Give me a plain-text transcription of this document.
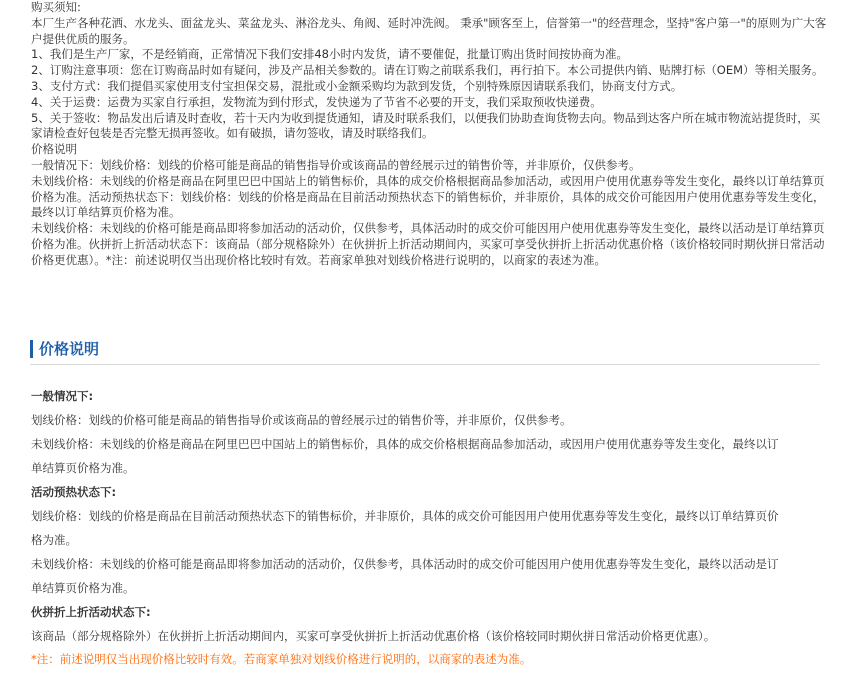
购买须知:

本厂生产各种花洒、水龙头、面盆龙头、菜盆龙头、淋浴龙头、角阀、延时冲洗阀。 秉承"顾客至上，信誉第一"的经营理念，坚持"客户第一"的原则为广大客户提供优质的服务。

1、我们是生产厂家，不是经销商，正常情况下我们安排48小时内发货，请不要催促，批量订购出货时间按协商为准。

2、订购注意事项：您在订购商品时如有疑问，涉及产品相关参数的。请在订购之前联系我们，再行拍下。本公司提供内销、贴牌打标（OEM）等相关服务。

3、支付方式：我们提倡买家使用支付宝担保交易，混批或小金额采购均为款到发货，个别特殊原因请联系我们，协商支付方式。

4、关于运费：运费为买家自行承担，发物流为到付形式，发快递为了节省不必要的开支，我们采取预收快递费。

5、关于签收：物品发出后请及时查收，若十天内为收到提货通知，请及时联系我们，以便我们协助查询货物去向。物品到达客户所在城市物流站提货时，买家请检查好包装是否完整无损再签收。如有破损，请勿签收，请及时联络我们。

价格说明

一般情况下：划线价格：划线的价格可能是商品的销售指导价或该商品的曾经展示过的销售价等，并非原价，仅供参考。

未划线价格：未划线的价格是商品在阿里巴巴中国站上的销售标价，具体的成交价格根据商品参加活动，或因用户使用优惠券等发生变化，最终以订单结算页价格为准。活动预热状态下：划线价格：划线的价格是商品在目前活动预热状态下的销售标价，并非原价，具体的成交价可能因用户使用优惠券等发生变化，最终以订单结算页价格为准。

未划线价格：未划线的价格可能是商品即将参加活动的活动价，仅供参考，具体活动时的成交价可能因用户使用优惠券等发生变化，最终以活动是订单结算页价格为准。伙拼折上折活动状态下：该商品（部分规格除外）在伙拼折上折活动期间内，买家可享受伙拼折上折活动优惠价格（该价格较同时期伙拼日常活动价格更优惠）。*注：前述说明仅当出现价格比较时有效。若商家单独对划线价格进行说明的，以商家的表述为准。

价格说明

一般情况下:

划线价格：划线的价格可能是商品的销售指导价或该商品的曾经展示过的销售价等，并非原价，仅供参考。

未划线价格：未划线的价格是商品在阿里巴巴中国站上的销售标价，具体的成交价格根据商品参加活动，或因用户使用优惠券等发生变化，最终以订

单结算页价格为准。

活动预热状态下:

划线价格：划线的价格是商品在目前活动预热状态下的销售标价，并非原价，具体的成交价可能因用户使用优惠券等发生变化，最终以订单结算页价

格为准。

未划线价格：未划线的价格可能是商品即将参加活动的活动价，仅供参考，具体活动时的成交价可能因用户使用优惠券等发生变化，最终以活动是订

单结算页价格为准。

伙拼折上折活动状态下:

该商品（部分规格除外）在伙拼折上折活动期间内，买家可享受伙拼折上折活动优惠价格（该价格较同时期伙拼日常活动价格更优惠）。

*注：前述说明仅当出现价格比较时有效。若商家单独对划线价格进行说明的，以商家的表述为准。
